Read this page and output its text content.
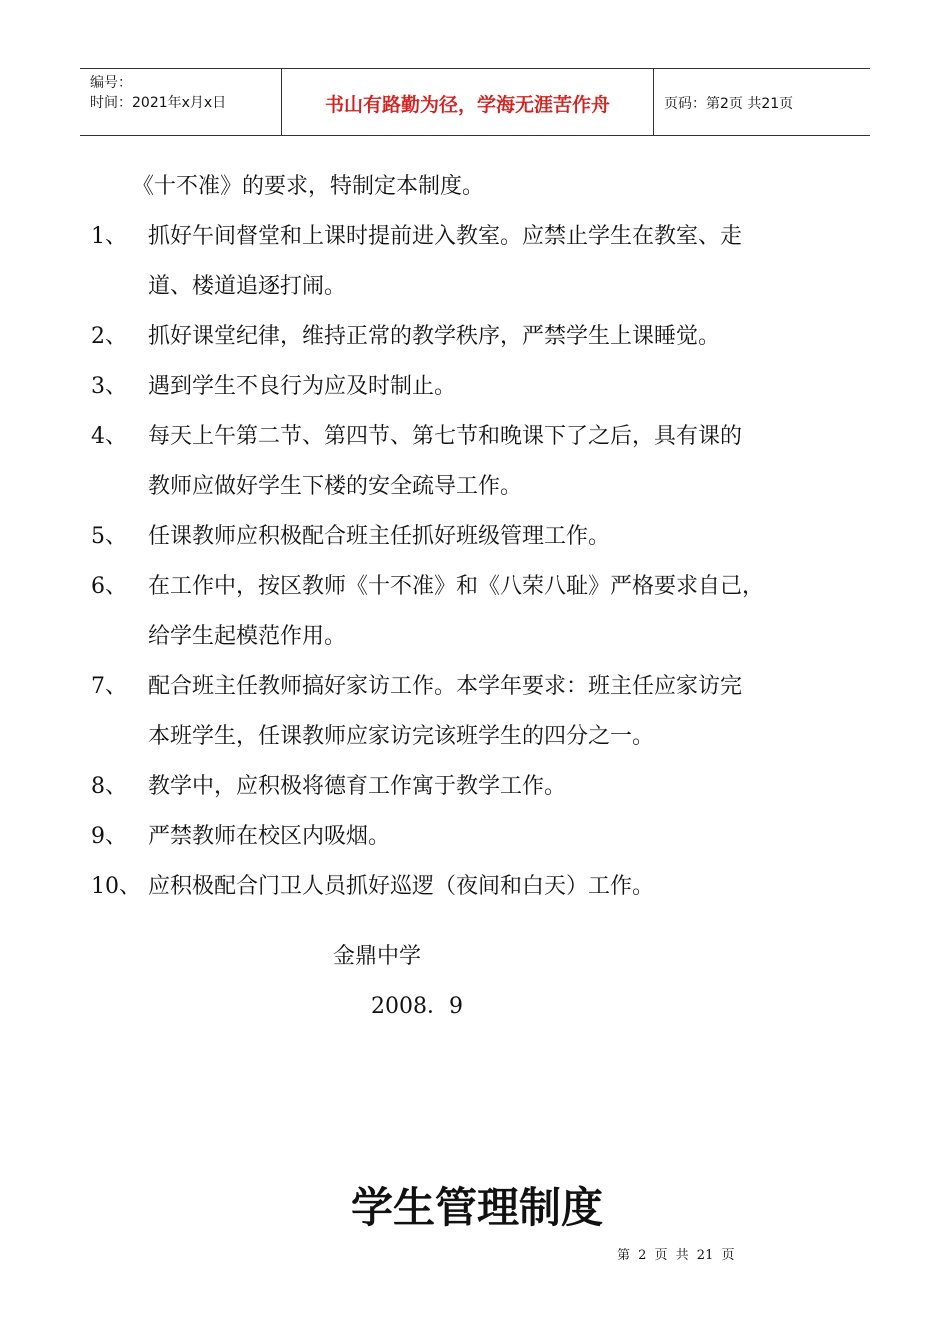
编号：
时间：2021年x月x日	书山有路勤为径，学海无涯苦作舟	页码：第2页 共21页
《十不准》的要求，特制定本制度。
1、 抓好午间督堂和上课时提前进入教室。应禁止学生在教室、走
道、楼道追逐打闹。
2、 抓好课堂纪律，维持正常的教学秩序，严禁学生上课睡觉。
3、 遇到学生不良行为应及时制止。
4、 每天上午第二节、第四节、第七节和晚课下了之后，具有课的
教师应做好学生下楼的安全疏导工作。
5、 任课教师应积极配合班主任抓好班级管理工作。
6、 在工作中，按区教师《十不准》和《八荣八耻》严格要求自己，
给学生起模范作用。
7、 配合班主任教师搞好家访工作。本学年要求：班主任应家访完
本班学生，任课教师应家访完该班学生的四分之一。
8、 教学中，应积极将德育工作寓于教学工作。
9、 严禁教师在校区内吸烟。
10、 应积极配合门卫人员抓好巡逻（夜间和白天）工作。
金鼎中学
2008．9
学生管理制度
第 2 页 共 21 页
